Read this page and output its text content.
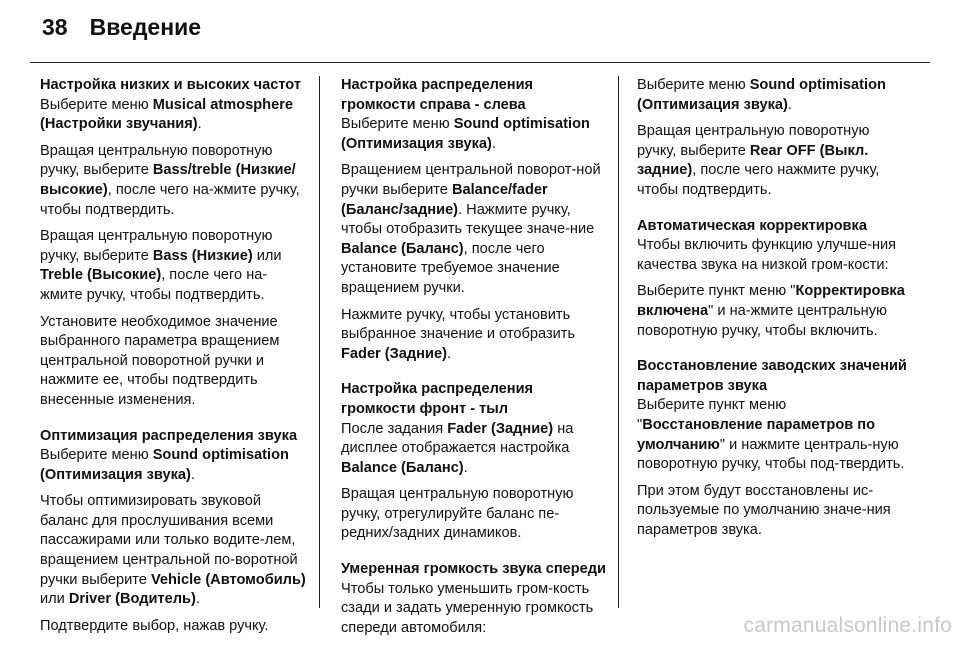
38 Введение
Настройка низких и высоких частот

Выберите меню Musical atmosphere (Настройки звучания).

Вращая центральную поворотную ручку, выберите Bass/treble (Низкие/высокие), после чего на-жмите ручку, чтобы подтвердить.

Вращая центральную поворотную ручку, выберите Bass (Низкие) или Treble (Высокие), после чего на-жмите ручку, чтобы подтвердить.

Установите необходимое значение выбранного параметра вращением центральной поворотной ручки и нажмите ее, чтобы подтвердить внесенные изменения.

Оптимизация распределения звука

Выберите меню Sound optimisation (Оптимизация звука).

Чтобы оптимизировать звуковой баланс для прослушивания всеми пассажирами или только водите-лем, вращением центральной по-воротной ручки выберите Vehicle (Автомобиль) или Driver (Водитель).

Подтвердите выбор, нажав ручку.

Настройка распределения громкости справа - слева

Выберите меню Sound optimisation (Оптимизация звука).

Вращением центральной поворот-ной ручки выберите Balance/fader (Баланс/задние). Нажмите ручку, чтобы отобразить текущее значе-ние Balance (Баланс), после чего установите требуемое значение вращением ручки.

Нажмите ручку, чтобы установить выбранное значение и отобразить Fader (Задние).

Настройка распределения громкости фронт - тыл

После задания Fader (Задние) на дисплее отображается настройка Balance (Баланс).

Вращая центральную поворотную ручку, отрегулируйте баланс пе-редних/задних динамиков.

Умеренная громкость звука спереди

Чтобы только уменьшить гром-кость сзади и задать умеренную громкость спереди автомобиля:

Выберите меню Sound optimisation (Оптимизация звука).

Вращая центральную поворотную ручку, выберите Rear OFF (Выкл. задние), после чего нажмите ручку, чтобы подтвердить.

Автоматическая корректировка

Чтобы включить функцию улучше-ния качества звука на низкой гром-кости:

Выберите пункт меню "Корректировка включена" и на-жмите центральную поворотную ручку, чтобы включить.

Восстановление заводских значений параметров звука

Выберите пункт меню "Восстановление параметров по умолчанию" и нажмите централь-ную поворотную ручку, чтобы под-твердить.

При этом будут восстановлены ис-пользуемые по умолчанию значе-ния параметров звука.

carmanualsonline.info
